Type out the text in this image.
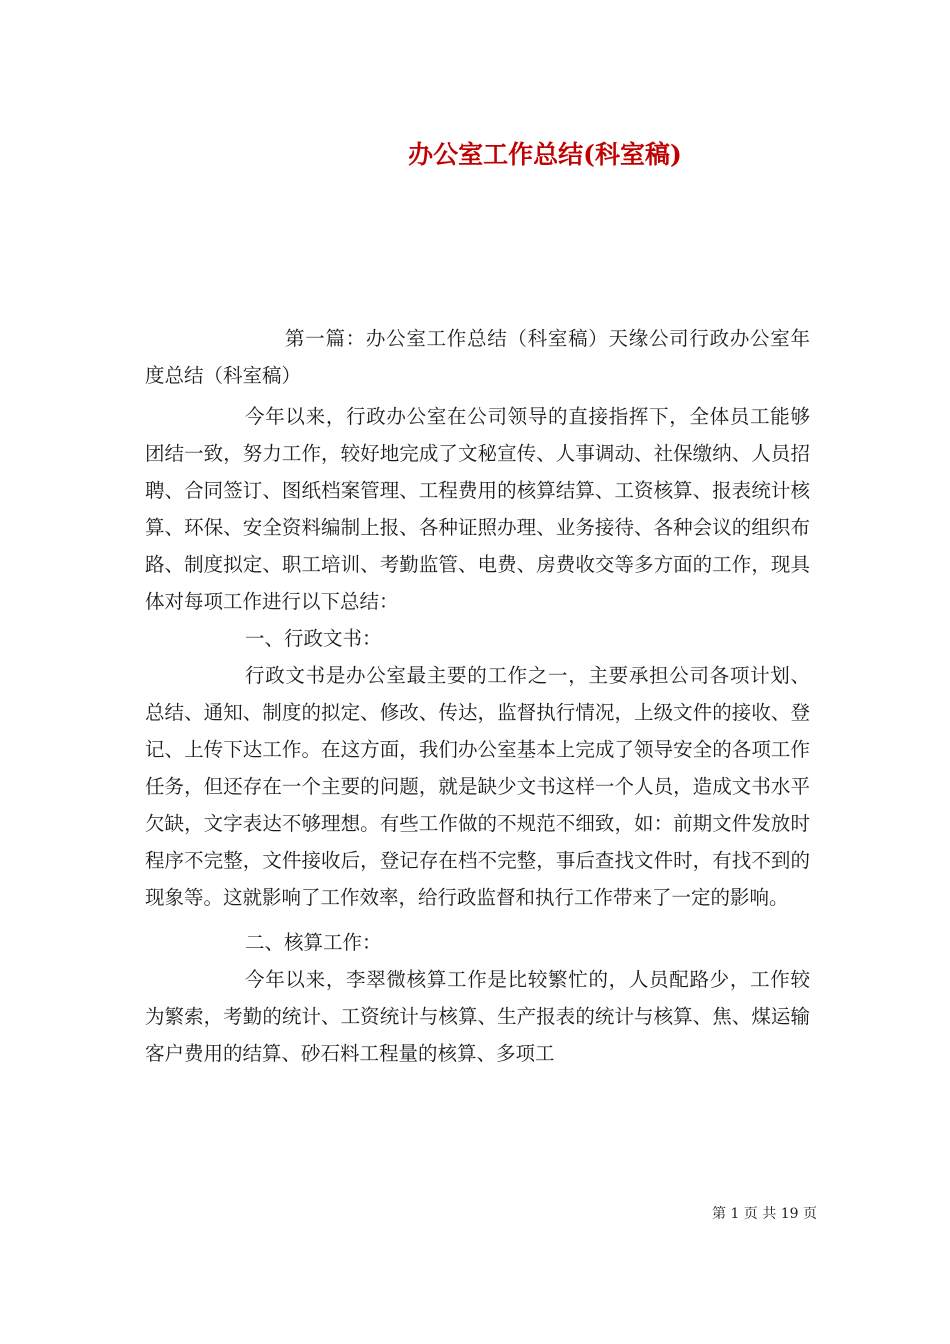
办公室工作总结(科室稿)

第一篇：办公室工作总结（科室稿）天缘公司行政办公室年度总结（科室稿）

今年以来，行政办公室在公司领导的直接指挥下，全体员工能够团结一致，努力工作，较好地完成了文秘宣传、人事调动、社保缴纳、人员招聘、合同签订、图纸档案管理、工程费用的核算结算、工资核算、报表统计核算、环保、安全资料编制上报、各种证照办理、业务接待、各种会议的组织布路、制度拟定、职工培训、考勤监管、电费、房费收交等多方面的工作，现具体对每项工作进行以下总结：

一、行政文书：

行政文书是办公室最主要的工作之一，主要承担公司各项计划、总结、通知、制度的拟定、修改、传达，监督执行情况，上级文件的接收、登记、上传下达工作。在这方面，我们办公室基本上完成了领导安全的各项工作任务，但还存在一个主要的问题，就是缺少文书这样一个人员，造成文书水平欠缺，文字表达不够理想。有些工作做的不规范不细致，如：前期文件发放时程序不完整，文件接收后，登记存在档不完整，事后查找文件时，有找不到的现象等。这就影响了工作效率，给行政监督和执行工作带来了一定的影响。

二、核算工作：

今年以来，李翠微核算工作是比较繁忙的，人员配路少，工作较为繁索，考勤的统计、工资统计与核算、生产报表的统计与核算、焦、煤运输客户费用的结算、砂石料工程量的核算、多项工

第 1 页 共 19 页
